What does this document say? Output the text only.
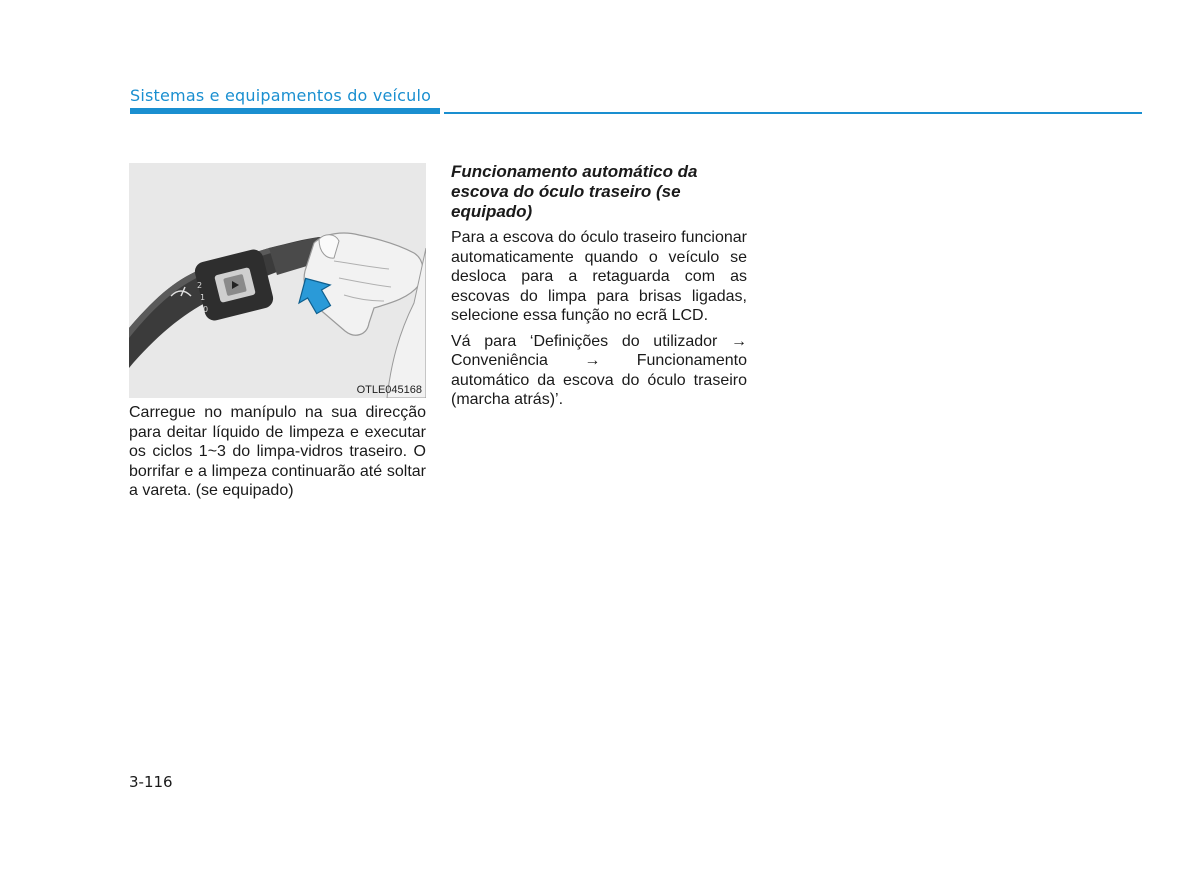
Sistemas e equipamentos do veículo
2
1
0
OTLE045168
Carregue no manípulo na sua direcção para deitar líquido de limpeza e executar os ciclos 1~3 do limpa-vidros traseiro. O borrifar e a limpeza continuarão até soltar a vareta. (se equipado)
Funcionamento automático da escova do óculo traseiro (se equipado)

Para a escova do óculo traseiro funcionar automaticamente quando o veículo se desloca para a retaguarda com as escovas do limpa para brisas ligadas, selecione essa função no ecrã LCD.

Vá para ‘Definições do utilizador → Conveniência → Funcionamento automático da escova do óculo traseiro (marcha atrás)’.

3-116
